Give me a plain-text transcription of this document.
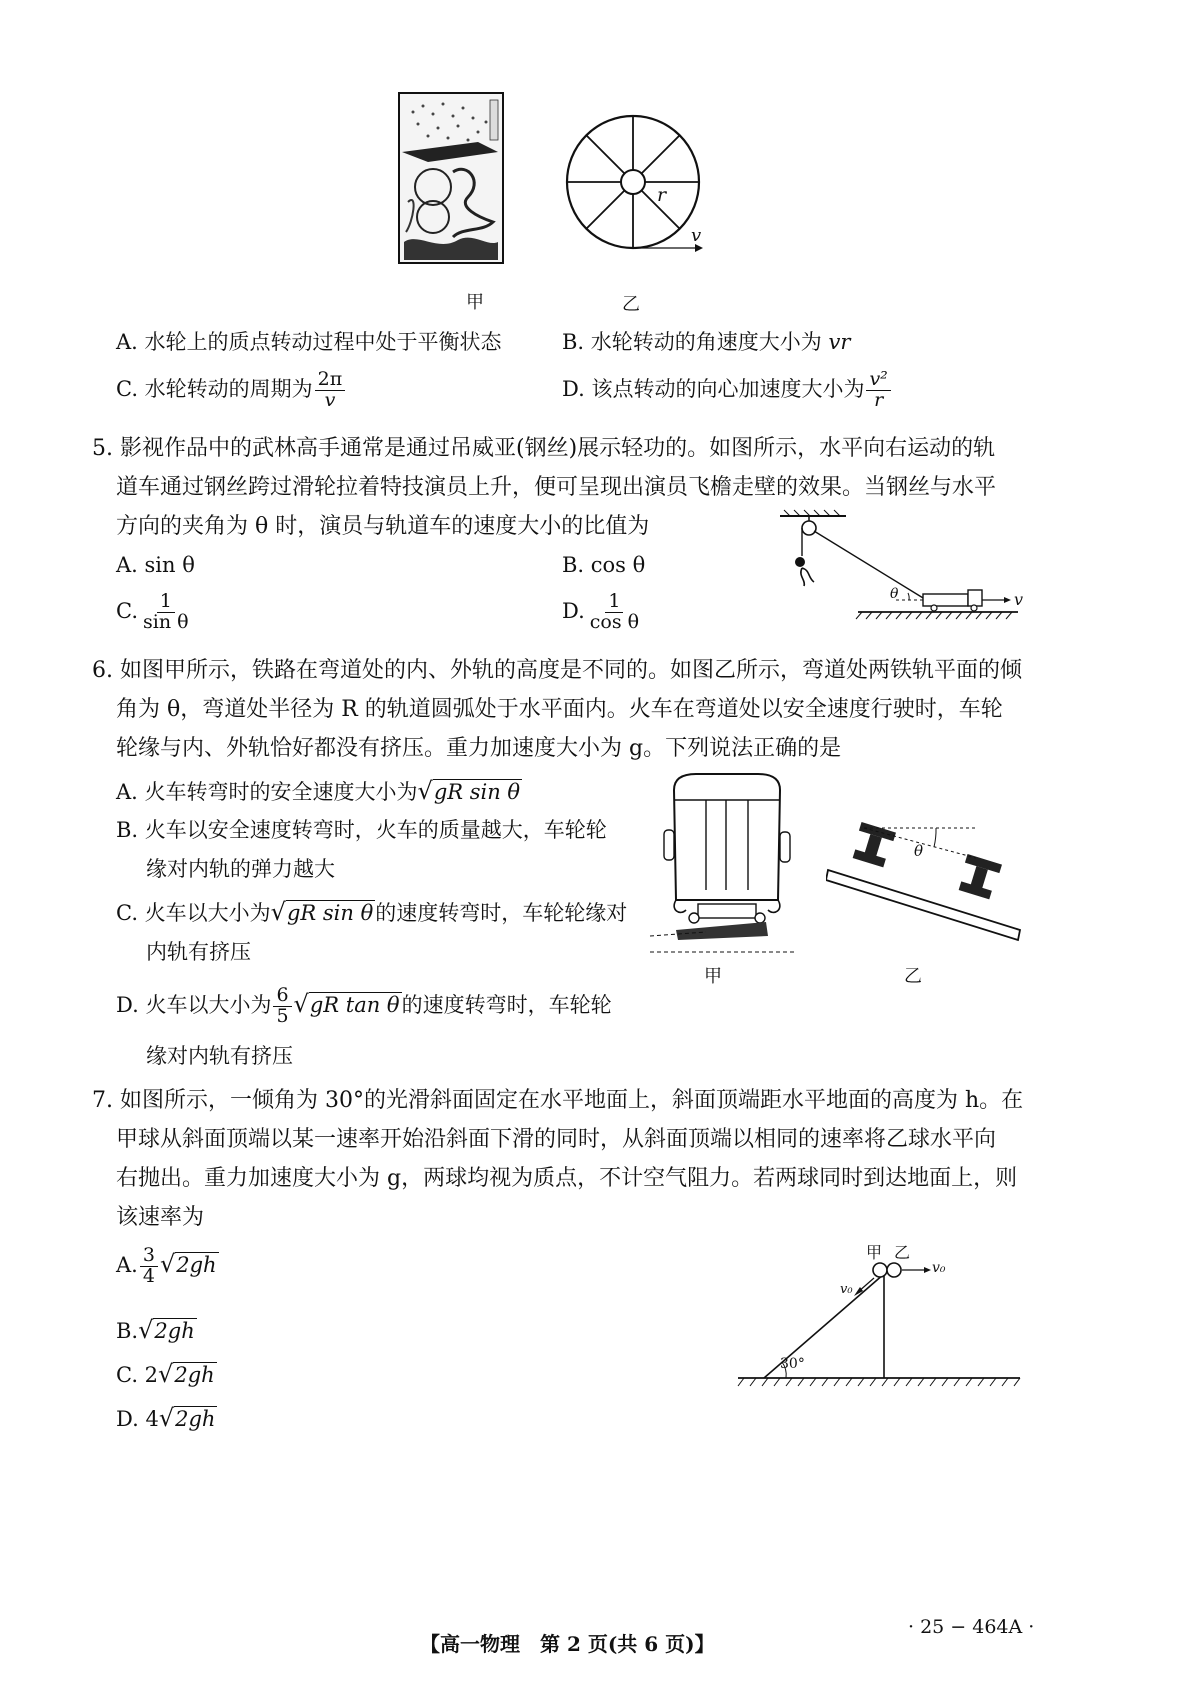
r
v
甲	乙
A. 水轮上的质点转动过程中处于平衡状态	B. 水轮转动的角速度大小为 vr
C. 水轮转动的周期为 $\frac{2\pi}{v}$	D. 该点转动的向心加速度大小为 $\frac{\text{v²}}{r}$
5. 影视作品中的武林高手通常是通过吊威亚(钢丝)展示轻功的。如图所示，水平向右运动的轨
道车通过钢丝跨过滑轮拉着特技演员上升，便可呈现出演员飞檐走壁的效果。当钢丝与水平
方向的夹角为 θ 时，演员与轨道车的速度大小的比值为
A. sin θ	B. cos θ
C. $\frac{1}{\text{sin θ}}$	D. $\frac{1}{\text{cos θ}}$	θ	v
6. 如图甲所示，铁路在弯道处的内、外轨的高度是不同的。如图乙所示，弯道处两铁轨平面的倾
角为 θ，弯道处半径为 R 的轨道圆弧处于水平面内。火车在弯道处以安全速度行驶时，车轮
轮缘与内、外轨恰好都没有挤压。重力加速度大小为 g。下列说法正确的是
A. 火车转弯时的安全速度大小为√gR sin θ
B. 火车以安全速度转弯时，火车的质量越大，车轮轮
缘对内轨的弹力越大
C. 火车以大小为√gR sin θ的速度转弯时，车轮轮缘对
内轨有挤压
D. 火车以大小为 $\frac{6}{5} √gR$ tan θ的速度转弯时，车轮轮
缘对内轨有挤压
甲
θ
乙
7. 如图所示，一倾角为 30°的光滑斜面固定在水平地面上，斜面顶端距水平地面的高度为 h。在
甲球从斜面顶端以某一速率开始沿斜面下滑的同时，从斜面顶端以相同的速率将乙球水平向
右抛出。重力加速度大小为 g，两球均视为质点，不计空气阻力。若两球同时到达地面上，则
该速率为
A. $\frac{3}{4} √2gh$
B.√2gh
C. 2√2gh
D. 4√2gh
甲 乙
v₀
v₀
30°
【高一物理　第 2 页(共 6 页)】
· 25 − 464A ·
